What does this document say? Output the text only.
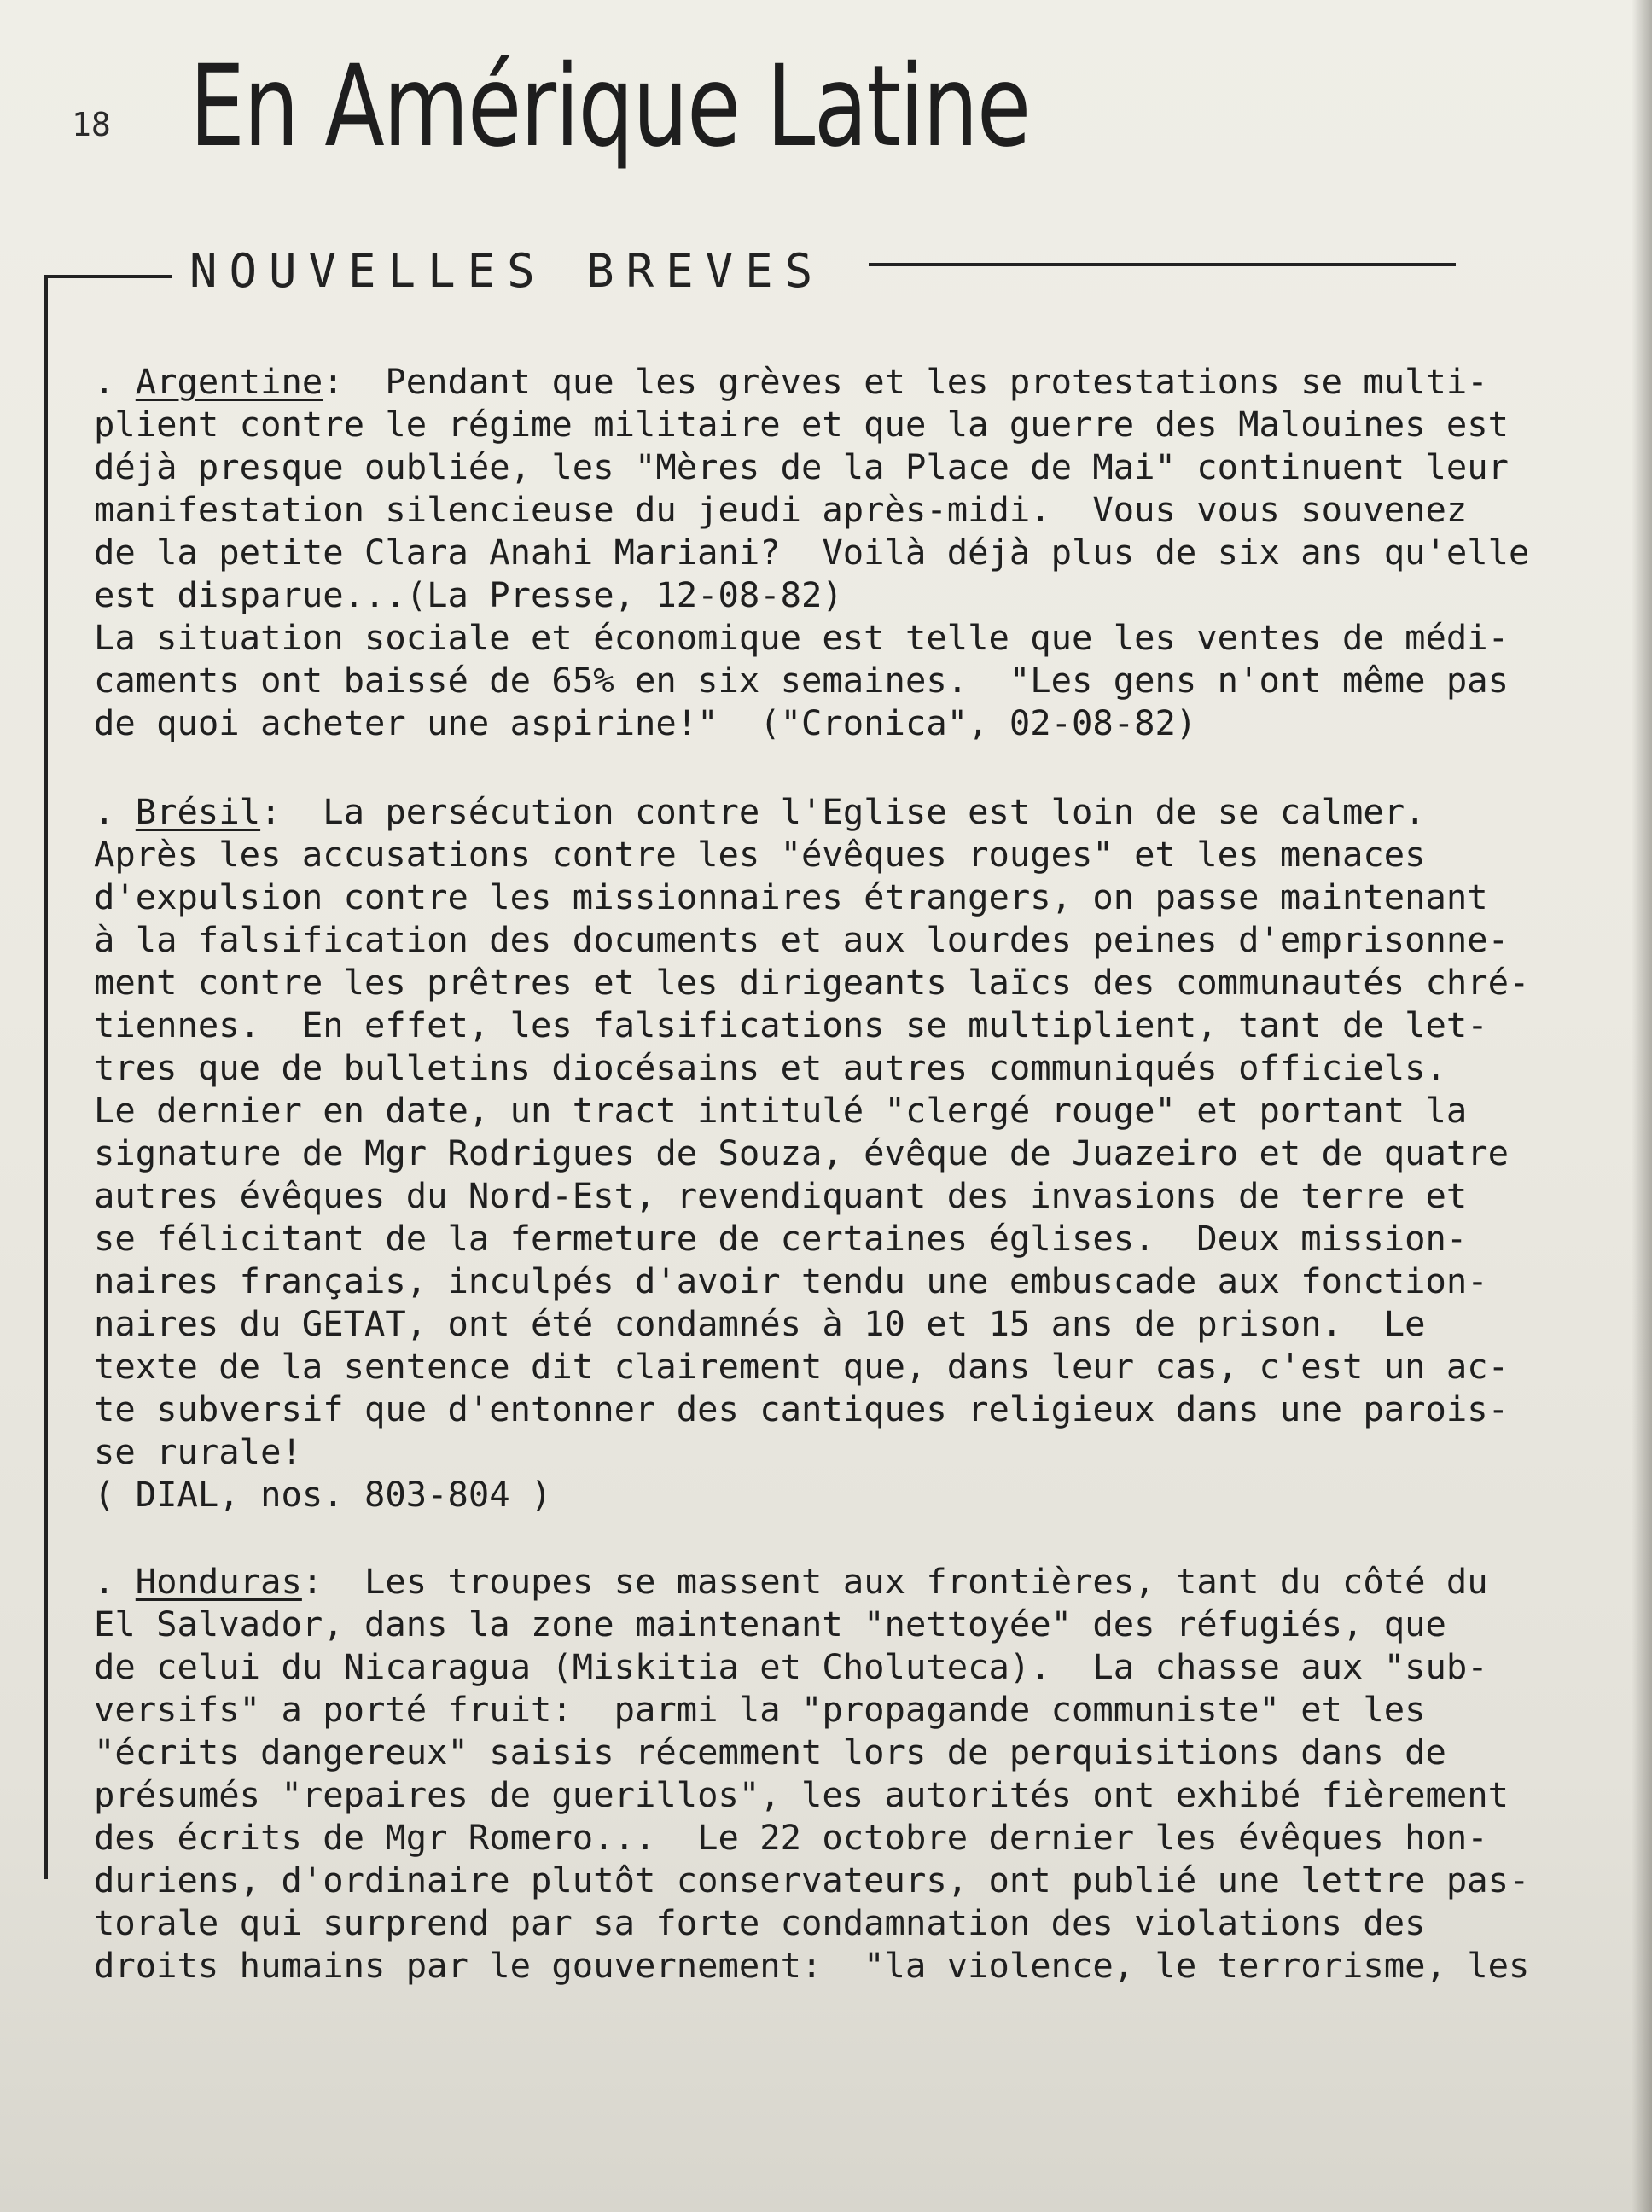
18 En Amérique Latine
NOUVELLES BREVES
. Argentine:  Pendant que les grèves et les protestations se multi-
plient contre le régime militaire et que la guerre des Malouines est
déjà presque oubliée, les "Mères de la Place de Mai" continuent leur
manifestation silencieuse du jeudi après-midi.  Vous vous souvenez
de la petite Clara Anahi Mariani?  Voilà déjà plus de six ans qu'elle
est disparue...(La Presse, 12-08-82)
La situation sociale et économique est telle que les ventes de médi-
caments ont baissé de 65% en six semaines.  "Les gens n'ont même pas
de quoi acheter une aspirine!"  ("Cronica", 02-08-82)
. Brésil:  La persécution contre l'Eglise est loin de se calmer.
Après les accusations contre les "évêques rouges" et les menaces
d'expulsion contre les missionnaires étrangers, on passe maintenant
à la falsification des documents et aux lourdes peines d'emprisonne-
ment contre les prêtres et les dirigeants laïcs des communautés chré-
tiennes.  En effet, les falsifications se multiplient, tant de let-
tres que de bulletins diocésains et autres communiqués officiels.
Le dernier en date, un tract intitulé "clergé rouge" et portant la
signature de Mgr Rodrigues de Souza, évêque de Juazeiro et de quatre
autres évêques du Nord-Est, revendiquant des invasions de terre et
se félicitant de la fermeture de certaines églises.  Deux mission-
naires français, inculpés d'avoir tendu une embuscade aux fonction-
naires du GETAT, ont été condamnés à 10 et 15 ans de prison.  Le
texte de la sentence dit clairement que, dans leur cas, c'est un ac-
te subversif que d'entonner des cantiques religieux dans une parois-
se rurale!
( DIAL, nos. 803-804 )
. Honduras:  Les troupes se massent aux frontières, tant du côté du
El Salvador, dans la zone maintenant "nettoyée" des réfugiés, que
de celui du Nicaragua (Miskitia et Choluteca).  La chasse aux "sub-
versifs" a porté fruit:  parmi la "propagande communiste" et les
"écrits dangereux" saisis récemment lors de perquisitions dans de
présumés "repaires de guerillos", les autorités ont exhibé fièrement
des écrits de Mgr Romero...  Le 22 octobre dernier les évêques hon-
duriens, d'ordinaire plutôt conservateurs, ont publié une lettre pas-
torale qui surprend par sa forte condamnation des violations des
droits humains par le gouvernement:  "la violence, le terrorisme, les
